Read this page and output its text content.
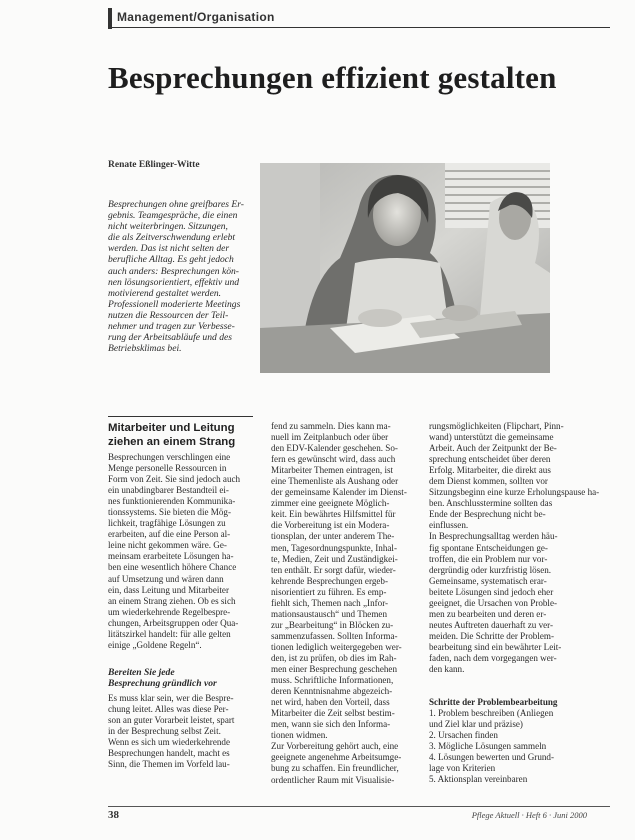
Management/Organisation
Besprechungen effizient gestalten
Renate Eßlinger-Witte
Besprechungen ohne greifbares Er-
gebnis. Teamgespräche, die einen
nicht weiterbringen. Sitzungen,
die als Zeitverschwendung erlebt
werden. Das ist nicht selten der
berufliche Alltag. Es geht jedoch
auch anders: Besprechungen kön-
nen lösungsorientiert, effektiv und
motivierend gestaltet werden.
Professionell moderierte Meetings
nutzen die Ressourcen der Teil-
nehmer und tragen zur Verbesse-
rung der Arbeitsabläufe und des
Betriebsklimas bei.
Mitarbeiter und Leitung
ziehen an einem Strang
Besprechungen verschlingen eine
Menge personelle Ressourcen in
Form von Zeit. Sie sind jedoch auch
ein unabdingbarer Bestandteil ei-
nes funktionierenden Kommunika-
tionssystems. Sie bieten die Mög-
lichkeit, tragfähige Lösungen zu
erarbeiten, auf die eine Person al-
leine nicht gekommen wäre. Ge-
meinsam erarbeitete Lösungen ha-
ben eine wesentlich höhere Chance
auf Umsetzung und wären dann
ein, dass Leitung und Mitarbeiter
an einem Strang ziehen. Ob es sich
um wiederkehrende Regelbespre-
chungen, Arbeitsgruppen oder Qua-
litätszirkel handelt: für alle gelten
einige „Goldene Regeln“.
Bereiten Sie jede
Besprechung gründlich vor
Es muss klar sein, wer die Bespre-
chung leitet. Alles was diese Per-
son an guter Vorarbeit leistet, spart
in der Besprechung selbst Zeit.
Wenn es sich um wiederkehrende
Besprechungen handelt, macht es
Sinn, die Themen im Vorfeld lau-
fend zu sammeln. Dies kann ma-
nuell im Zeitplanbuch oder über
den EDV-Kalender geschehen. So-
fern es gewünscht wird, dass auch
Mitarbeiter Themen eintragen, ist
eine Themenliste als Aushang oder
der gemeinsame Kalender im Dienst-
zimmer eine geeignete Möglich-
keit. Ein bewährtes Hilfsmittel für
die Vorbereitung ist ein Modera-
tionsplan, der unter anderem The-
men, Tagesordnungspunkte, Inhal-
te, Medien, Zeit und Zuständigkei-
ten enthält. Er sorgt dafür, wieder-
kehrende Besprechungen ergeb-
nisorientiert zu führen. Es emp-
fiehlt sich, Themen nach „Infor-
mationsaustausch“ und Themen
zur „Bearbeitung“ in Blöcken zu-
sammenzufassen. Sollten Informa-
tionen lediglich weitergegeben wer-
den, ist zu prüfen, ob dies im Rah-
men einer Besprechung geschehen
muss. Schriftliche Informationen,
deren Kenntnisnahme abgezeich-
net wird, haben den Vorteil, dass
Mitarbeiter die Zeit selbst bestim-
men, wann sie sich den Informa-
tionen widmen.
Zur Vorbereitung gehört auch, eine
geeignete angenehme Arbeitsumge-
bung zu schaffen. Ein freundlicher,
ordentlicher Raum mit Visualisie-
rungsmöglichkeiten (Flipchart, Pinn-
wand) unterstützt die gemeinsame
Arbeit. Auch der Zeitpunkt der Be-
sprechung entscheidet über deren
Erfolg. Mitarbeiter, die direkt aus
dem Dienst kommen, sollten vor
Sitzungsbeginn eine kurze Erholungspause ha-
ben. Anschlusstermine sollten das
Ende der Besprechung nicht be-
einflussen.
In Besprechungsalltag werden häu-
fig spontane Entscheidungen ge-
troffen, die ein Problem nur vor-
dergründig oder kurzfristig lösen.
Gemeinsame, systematisch erar-
beitete Lösungen sind jedoch eher
geeignet, die Ursachen von Proble-
men zu bearbeiten und deren er-
neutes Auftreten dauerhaft zu ver-
meiden. Die Schritte der Problem-
bearbeitung sind ein bewährter Leit-
faden, nach dem vorgegangen wer-
den kann.
Schritte der Problembearbeitung
1. Problem beschreiben (Anliegen
und Ziel klar und präzise)
2. Ursachen finden
3. Mögliche Lösungen sammeln
4. Lösungen bewerten und Grund-
lage von Kriterien
5. Aktionsplan vereinbaren
38	Pflege Aktuell · Heft 6 · Juni 2000
